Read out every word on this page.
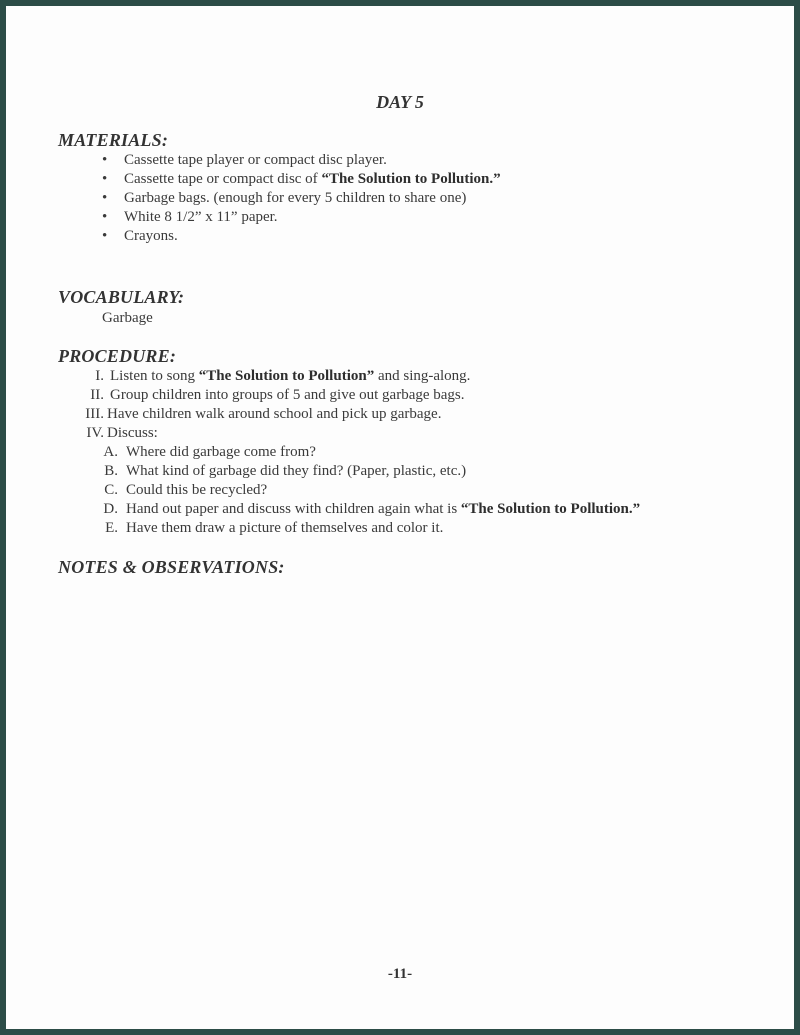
DAY 5
MATERIALS:
• Cassette tape player or compact disc player.
• Cassette tape or compact disc of “The Solution to Pollution.”
• Garbage bags. (enough for every 5 children to share one)
• White 8 1/2” x 11” paper.
• Crayons.
VOCABULARY:
Garbage
PROCEDURE:
I. Listen to song “The Solution to Pollution” and sing-along.
II. Group children into groups of 5 and give out garbage bags.
III. Have children walk around school and pick up garbage.
IV. Discuss:
A. Where did garbage come from?
B. What kind of garbage did they find? (Paper, plastic, etc.)
C. Could this be recycled?
D. Hand out paper and discuss with children again what is “The Solution to Pollution.”
E. Have them draw a picture of themselves and color it.
NOTES & OBSERVATIONS:
-11-
